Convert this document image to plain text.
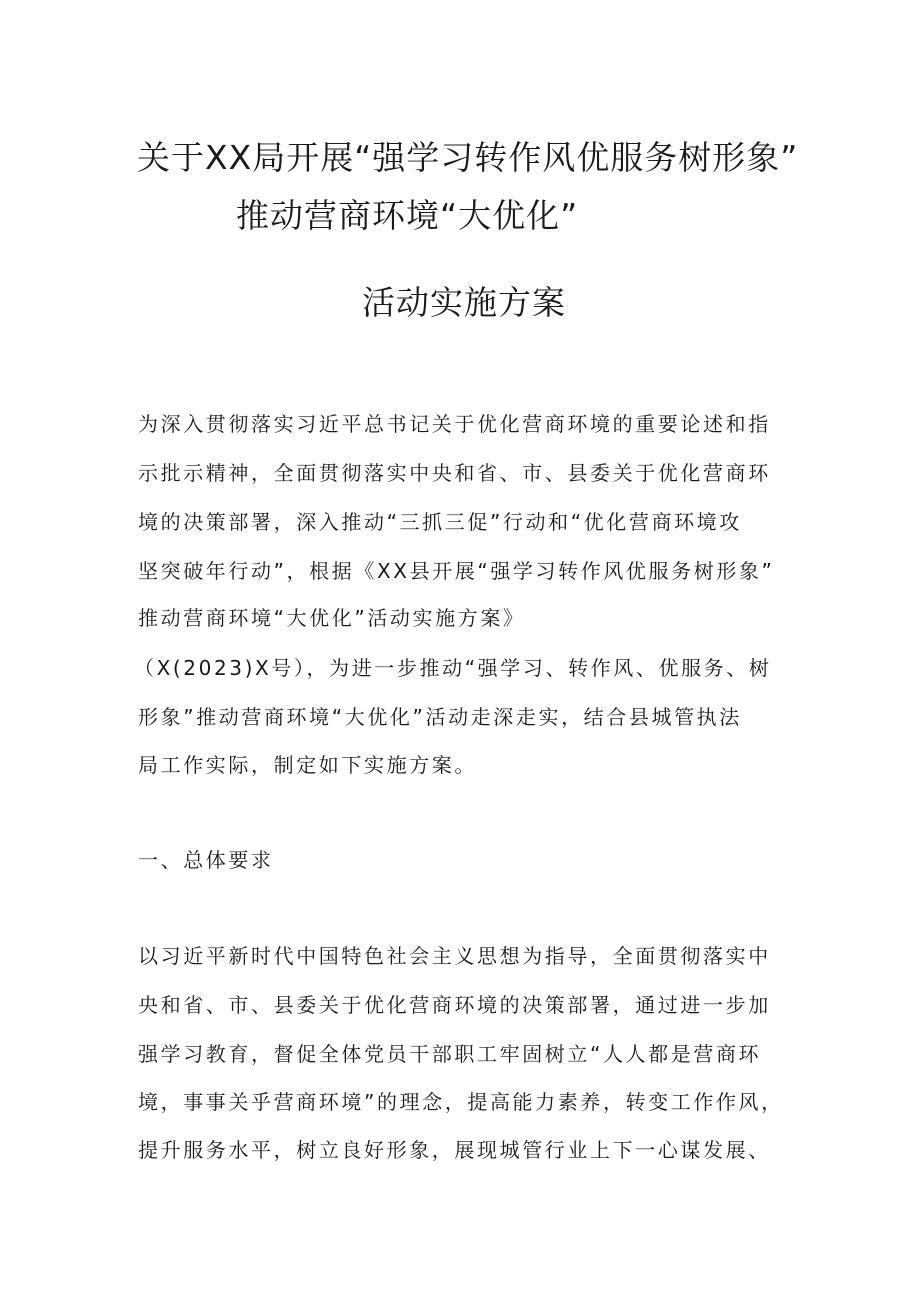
关于XX局开展“强学习转作风优服务树形象”
推动营商环境“大优化”
活动实施方案
为深入贯彻落实习近平总书记关于优化营商环境的重要论述和指
示批示精神，全面贯彻落实中央和省、市、县委关于优化营商环
境的决策部署，深入推动“三抓三促”行动和“优化营商环境攻
坚突破年行动”，根据《XX县开展“强学习转作风优服务树形象”
推动营商环境“大优化”活动实施方案》
（X(2023)X号），为进一步推动“强学习、转作风、优服务、树
形象”推动营商环境“大优化”活动走深走实，结合县城管执法
局工作实际，制定如下实施方案。
一、总体要求
以习近平新时代中国特色社会主义思想为指导，全面贯彻落实中
央和省、市、县委关于优化营商环境的决策部署，通过进一步加
强学习教育，督促全体党员干部职工牢固树立“人人都是营商环
境，事事关乎营商环境”的理念，提高能力素养，转变工作作风，
提升服务水平，树立良好形象，展现城管行业上下一心谋发展、
